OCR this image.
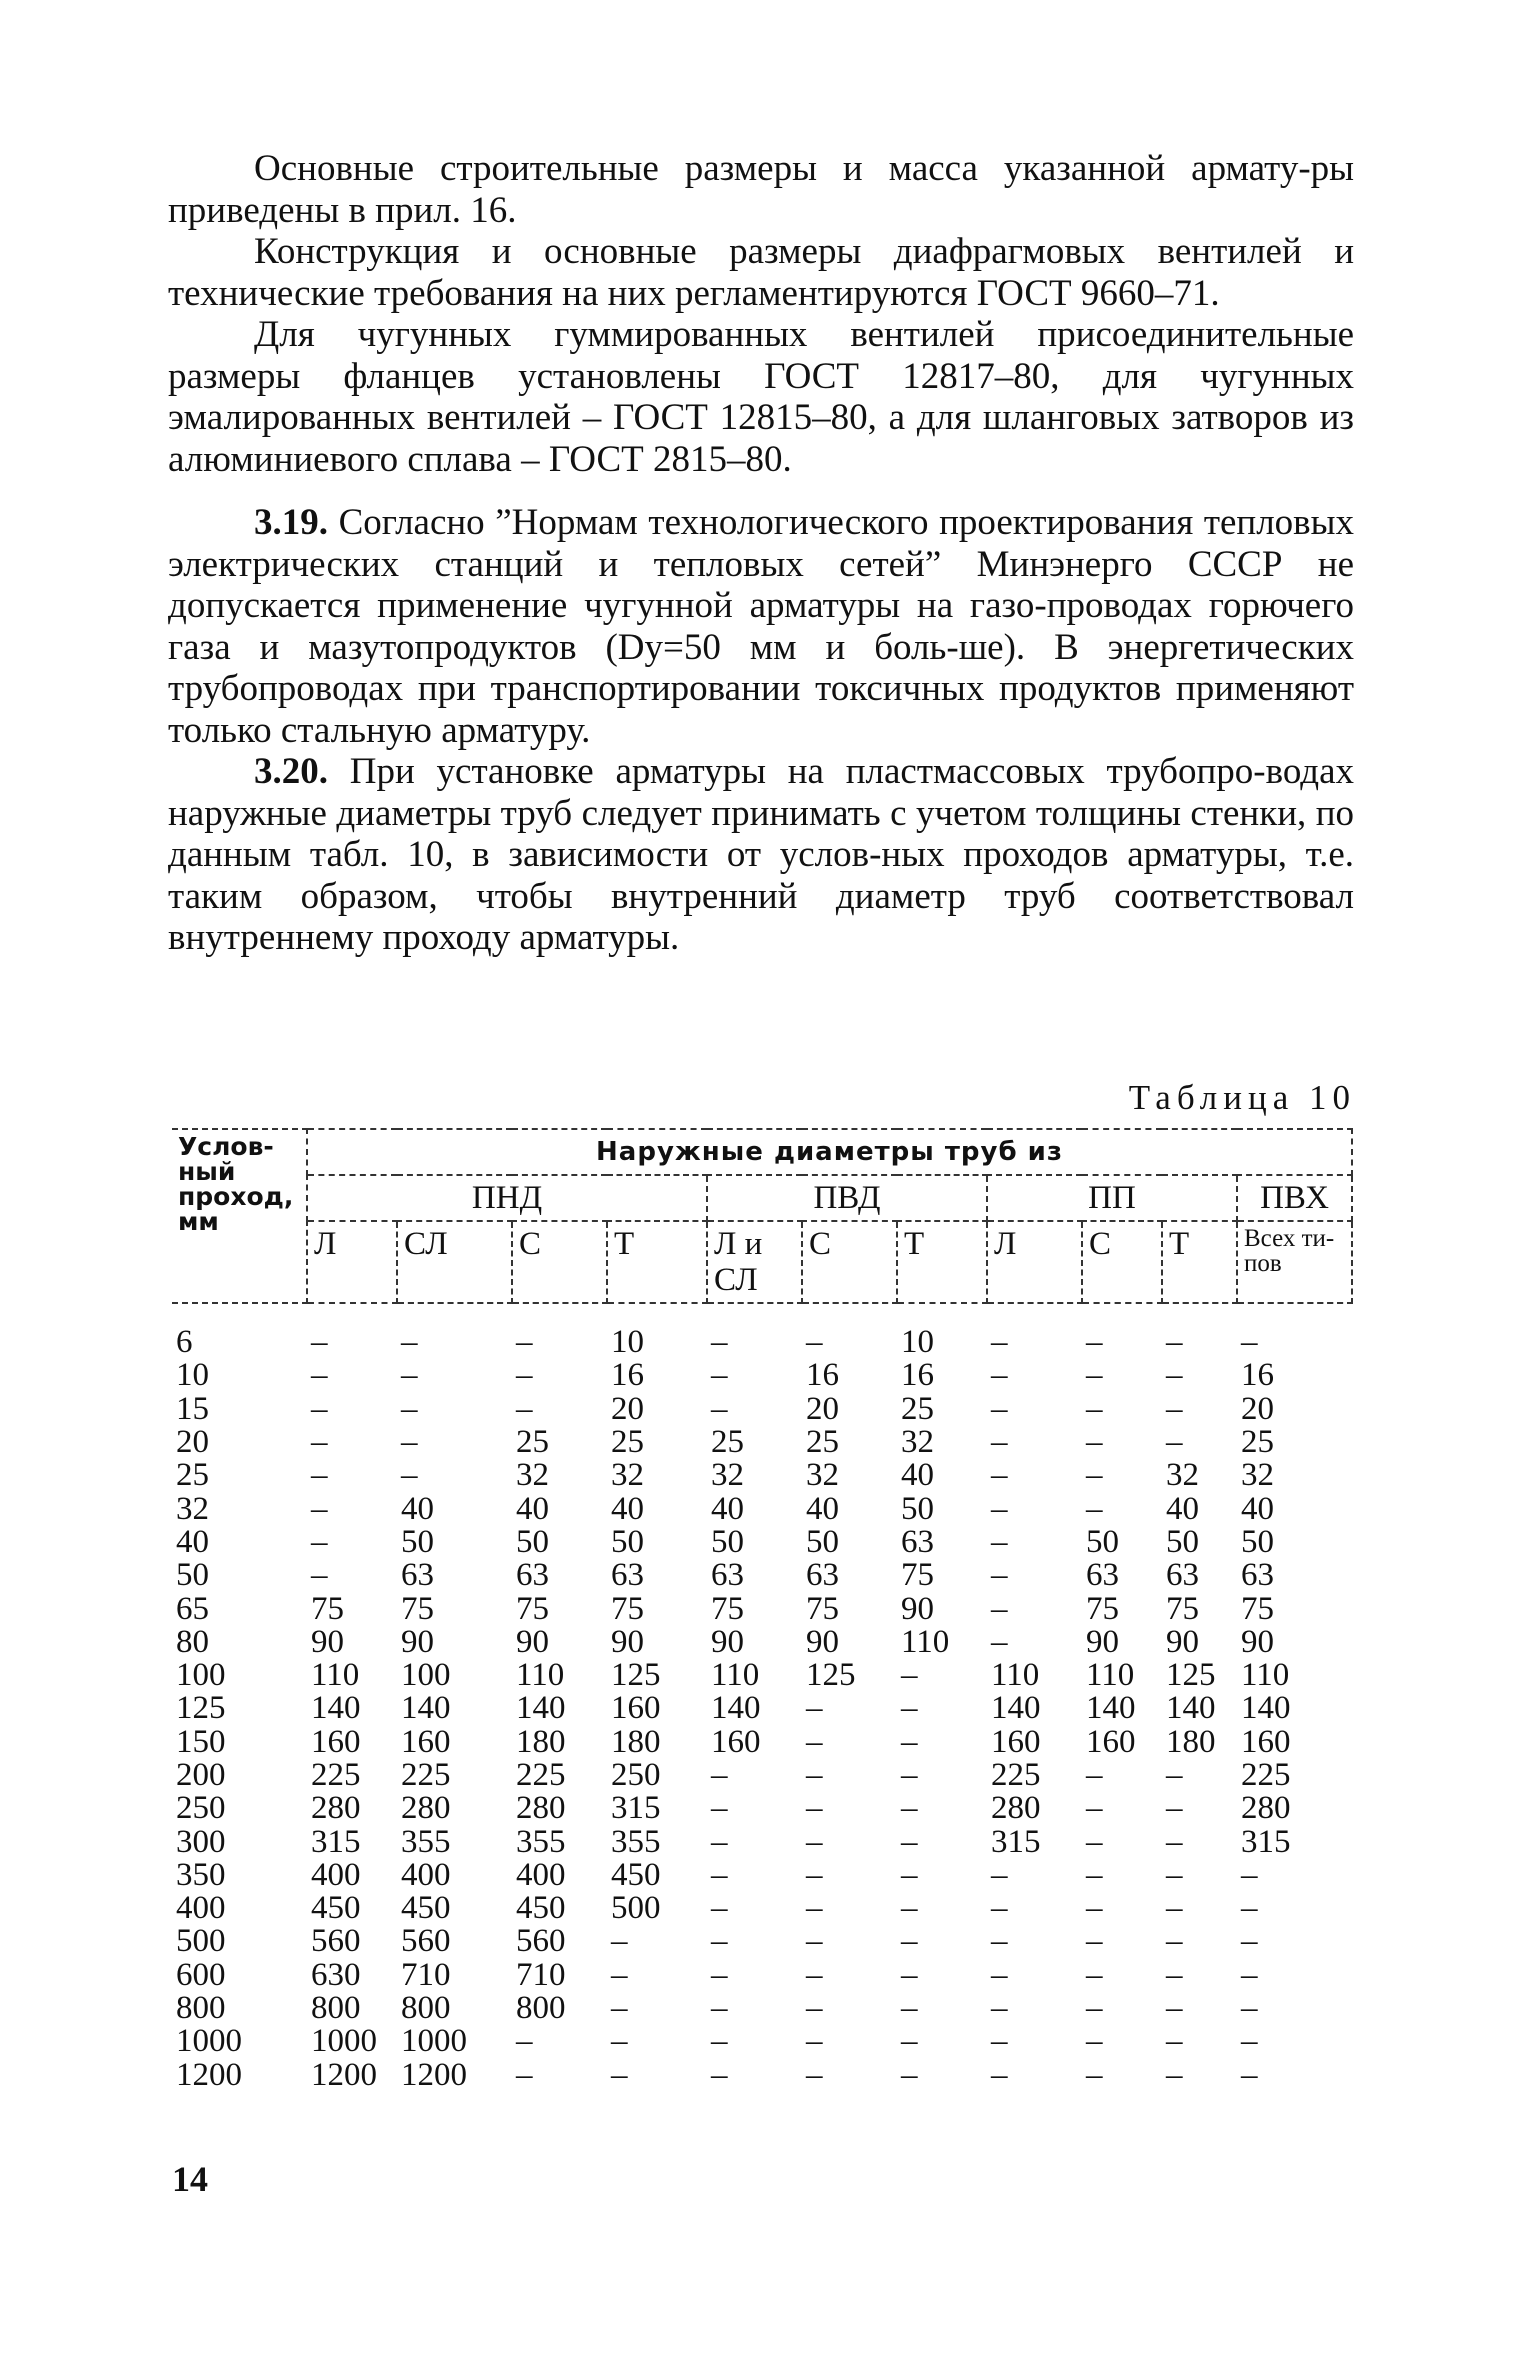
Основные строительные размеры и масса указанной армату-ры приведены в прил. 16.

Конструкция и основные размеры диафрагмовых вентилей и технические требования на них регламентируются ГОСТ 9660–71.

Для чугунных гуммированных вентилей присоединительные размеры фланцев установлены ГОСТ 12817–80, для чугунных эмалированных вентилей – ГОСТ 12815–80, а для шланговых затворов из алюминиевого сплава – ГОСТ 2815–80.

3.19. Согласно ”Нормам технологического проектирования тепловых электрических станций и тепловых сетей” Минэнерго СССР не допускается применение чугунной арматуры на газо-проводах горючего газа и мазутопродуктов (Dу=50 мм и боль-ше). В энергетических трубопроводах при транспортировании токсичных продуктов применяют только стальную арматуру.

3.20. При установке арматуры на пластмассовых трубопро-водах наружные диаметры труб следует принимать с учетом толщины стенки, по данным табл. 10, в зависимости от услов-ных проходов арматуры, т.е. таким образом, чтобы внутренний диаметр труб соответствовал внутреннему проходу арматуры.

Таблица 10
Услов-ный проход, мм	Наружные диаметры труб из										
	ПНД				ПВД			ПП			ПВХ
	Л	СЛ	С	Т	Л и СЛ	С	Т	Л	С	Т	Всех ти-пов
6	–	–	–	10	–	–	10	–	–	–	–
10	–	–	–	16	–	16	16	–	–	–	16
15	–	–	–	20	–	20	25	–	–	–	20
20	–	–	25	25	25	25	32	–	–	–	25
25	–	–	32	32	32	32	40	–	–	32	32
32	–	40	40	40	40	40	50	–	–	40	40
40	–	50	50	50	50	50	63	–	50	50	50
50	–	63	63	63	63	63	75	–	63	63	63
65	75	75	75	75	75	75	90	–	75	75	75
80	90	90	90	90	90	90	110	–	90	90	90
100	110	100	110	125	110	125	–	110	110	125	110
125	140	140	140	160	140	–	–	140	140	140	140
150	160	160	180	180	160	–	–	160	160	180	160
200	225	225	225	250	–	–	–	225	–	–	225
250	280	280	280	315	–	–	–	280	–	–	280
300	315	355	355	355	–	–	–	315	–	–	315
350	400	400	400	450	–	–	–	–	–	–	–
400	450	450	450	500	–	–	–	–	–	–	–
500	560	560	560	–	–	–	–	–	–	–	–
600	630	710	710	–	–	–	–	–	–	–	–
800	800	800	800	–	–	–	–	–	–	–	–
1000	1000	1000	–	–	–	–	–	–	–	–	–
1200	1200	1200	–	–	–	–	–	–	–	–	–
14
